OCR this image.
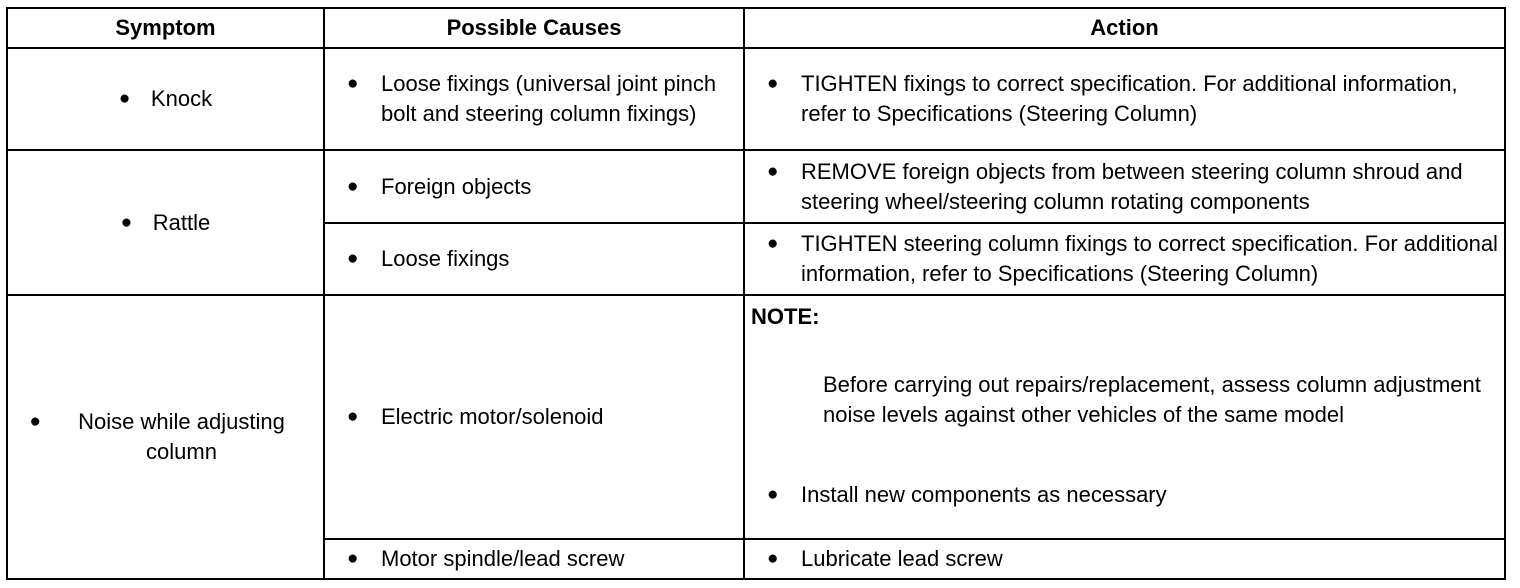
Symptom	Possible Causes	Action
● Knock	● Loose fixings (universal joint pinch bolt and steering column fixings)	● TIGHTEN fixings to correct specification. For additional information, refer to Specifications (Steering Column)

● Rattle	● Foreign objects	● REMOVE foreign objects from between steering column shroud and steering wheel/steering column rotating components

	● Loose fixings	● TIGHTEN steering column fixings to correct specification. For additional information, refer to Specifications (Steering Column)

● Noise while adjusting column	● Electric motor/solenoid	NOTE:
Before carrying out repairs/replacement, assess column adjustment noise levels against other vehicles of the same model
● Install new components as necessary

	● Motor spindle/lead screw	● Lubricate lead screw
